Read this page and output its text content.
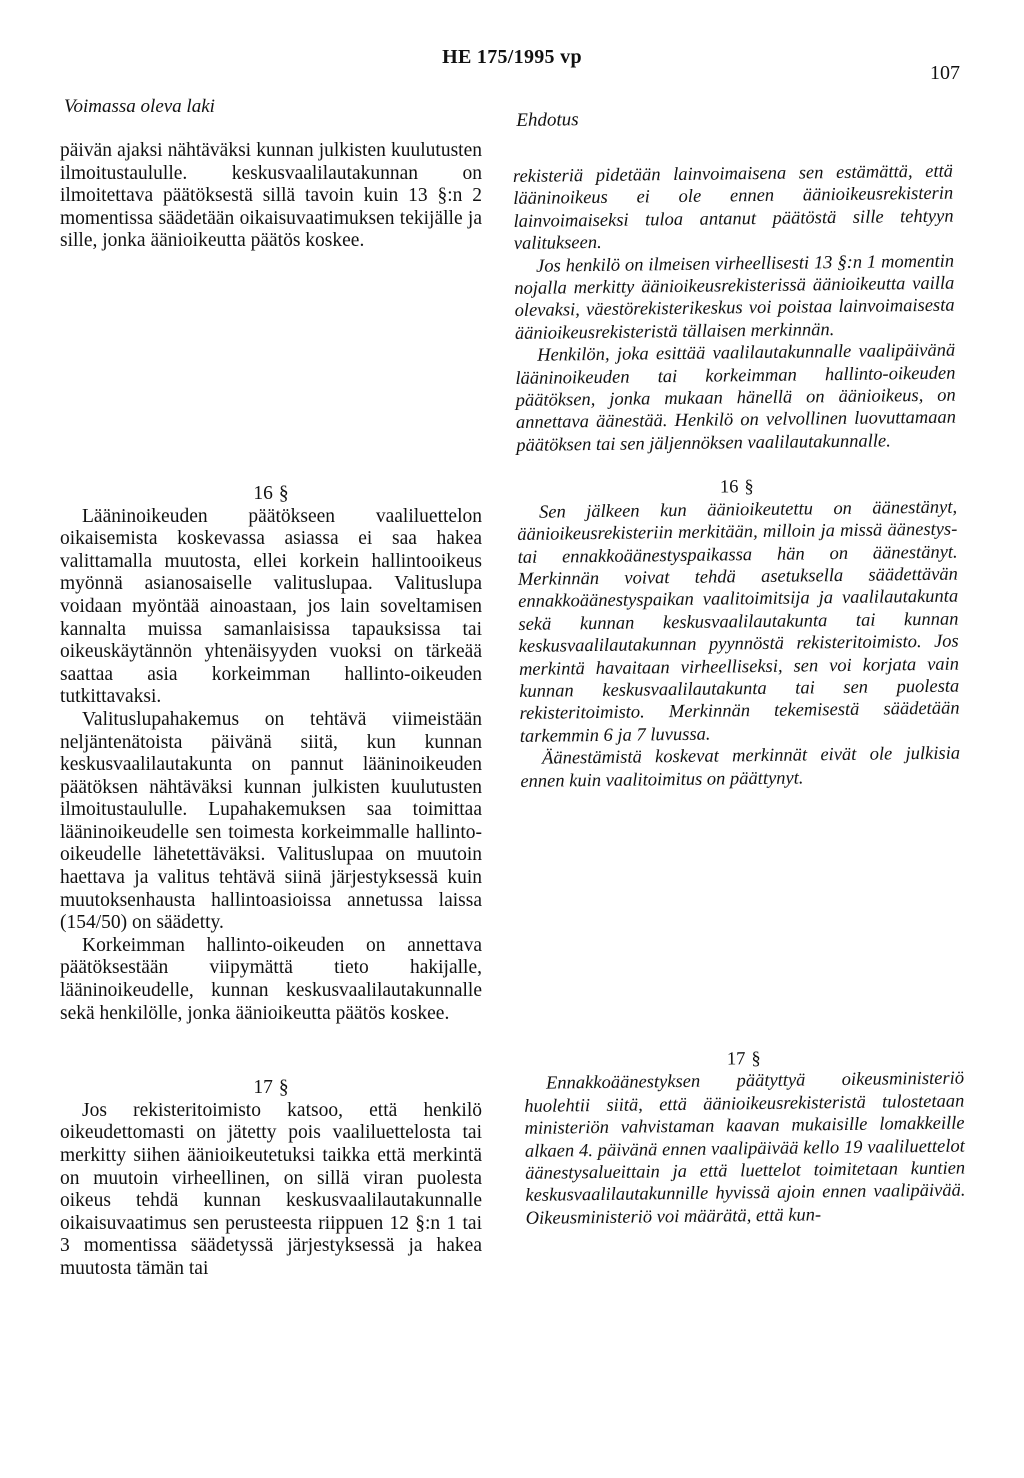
HE 175/1995 vp
107
Voimassa oleva laki

päivän ajaksi nähtäväksi kunnan julkisten kuulutusten ilmoitustaululle. keskusvaalilautakunnan on ilmoitettava päätöksestä sillä tavoin kuin 13 §:n 2 momentissa säädetään oikaisuvaatimuksen tekijälle ja sille, jonka äänioikeutta päätös koskee.

16 §

Lääninoikeuden päätökseen vaaliluettelon oikaisemista koskevassa asiassa ei saa hakea valittamalla muutosta, ellei korkein hallintooikeus myönnä asianosaiselle valituslupaa. Valituslupa voidaan myöntää ainoastaan, jos lain soveltamisen kannalta muissa samanlaisissa tapauksissa tai oikeuskäytännön yhtenäisyyden vuoksi on tärkeää saattaa asia korkeimman hallinto-oikeuden tutkittavaksi.

Valituslupahakemus on tehtävä viimeistään neljäntenätoista päivänä siitä, kun kunnan keskusvaalilautakunta on pannut lääninoikeuden päätöksen nähtäväksi kunnan julkisten kuulutusten ilmoitustaululle. Lupahakemuksen saa toimittaa lääninoikeudelle sen toimesta korkeimmalle hallinto-oikeudelle lähetettäväksi. Valituslupaa on muutoin haettava ja valitus tehtävä siinä järjestyksessä kuin muutoksenhausta hallintoasioissa annetussa laissa (154/50) on säädetty.

Korkeimman hallinto-oikeuden on annettava päätöksestään viipymättä tieto hakijalle, lääninoikeudelle, kunnan keskusvaalilautakunnalle sekä henkilölle, jonka äänioikeutta päätös koskee.

17 §

Jos rekisteritoimisto katsoo, että henkilö oikeudettomasti on jätetty pois vaaliluettelosta tai merkitty siihen äänioikeutetuksi taikka että merkintä on muutoin virheellinen, on sillä viran puolesta oikeus tehdä kunnan keskusvaalilautakunnalle oikaisuvaatimus sen perusteesta riippuen 12 §:n 1 tai 3 momentissa säädetyssä järjestyksessä ja hakea muutosta tämän tai

Ehdotus

rekisteriä pidetään lainvoimaisena sen estämättä, että lääninoikeus ei ole ennen äänioikeusrekisterin lainvoimaiseksi tuloa antanut päätöstä sille tehtyyn valitukseen.

Jos henkilö on ilmeisen virheellisesti 13 §:n 1 momentin nojalla merkitty äänioikeusrekisterissä äänioikeutta vailla olevaksi, väestörekisterikeskus voi poistaa lainvoimaisesta äänioikeusrekisteristä tällaisen merkinnän.

Henkilön, joka esittää vaalilautakunnalle vaalipäivänä lääninoikeuden tai korkeimman hallinto-oikeuden päätöksen, jonka mukaan hänellä on äänioikeus, on annettava äänestää. Henkilö on velvollinen luovuttamaan päätöksen tai sen jäljennöksen vaalilautakunnalle.

16 §

Sen jälkeen kun äänioikeutettu on äänestänyt, äänioikeusrekisteriin merkitään, milloin ja missä äänestys- tai ennakkoäänestyspaikassa hän on äänestänyt. Merkinnän voivat tehdä asetuksella säädettävän ennakkoäänestyspaikan vaalitoimitsija ja vaalilautakunta sekä kunnan keskusvaalilautakunta tai kunnan keskusvaalilautakunnan pyynnöstä rekisteritoimisto. Jos merkintä havaitaan virheelliseksi, sen voi korjata vain kunnan keskusvaalilautakunta tai sen puolesta rekisteritoimisto. Merkinnän tekemisestä säädetään tarkemmin 6 ja 7 luvussa.

Äänestämistä koskevat merkinnät eivät ole julkisia ennen kuin vaalitoimitus on päättynyt.

17 §

Ennakkoäänestyksen päätyttyä oikeusministeriö huolehtii siitä, että äänioikeusrekisteristä tulostetaan ministeriön vahvistaman kaavan mukaisille lomakkeille alkaen 4. päivänä ennen vaalipäivää kello 19 vaaliluettelot äänestysalueittain ja että luettelot toimitetaan kuntien keskusvaalilautakunnille hyvissä ajoin ennen vaalipäivää. Oikeusministeriö voi määrätä, että kun-
